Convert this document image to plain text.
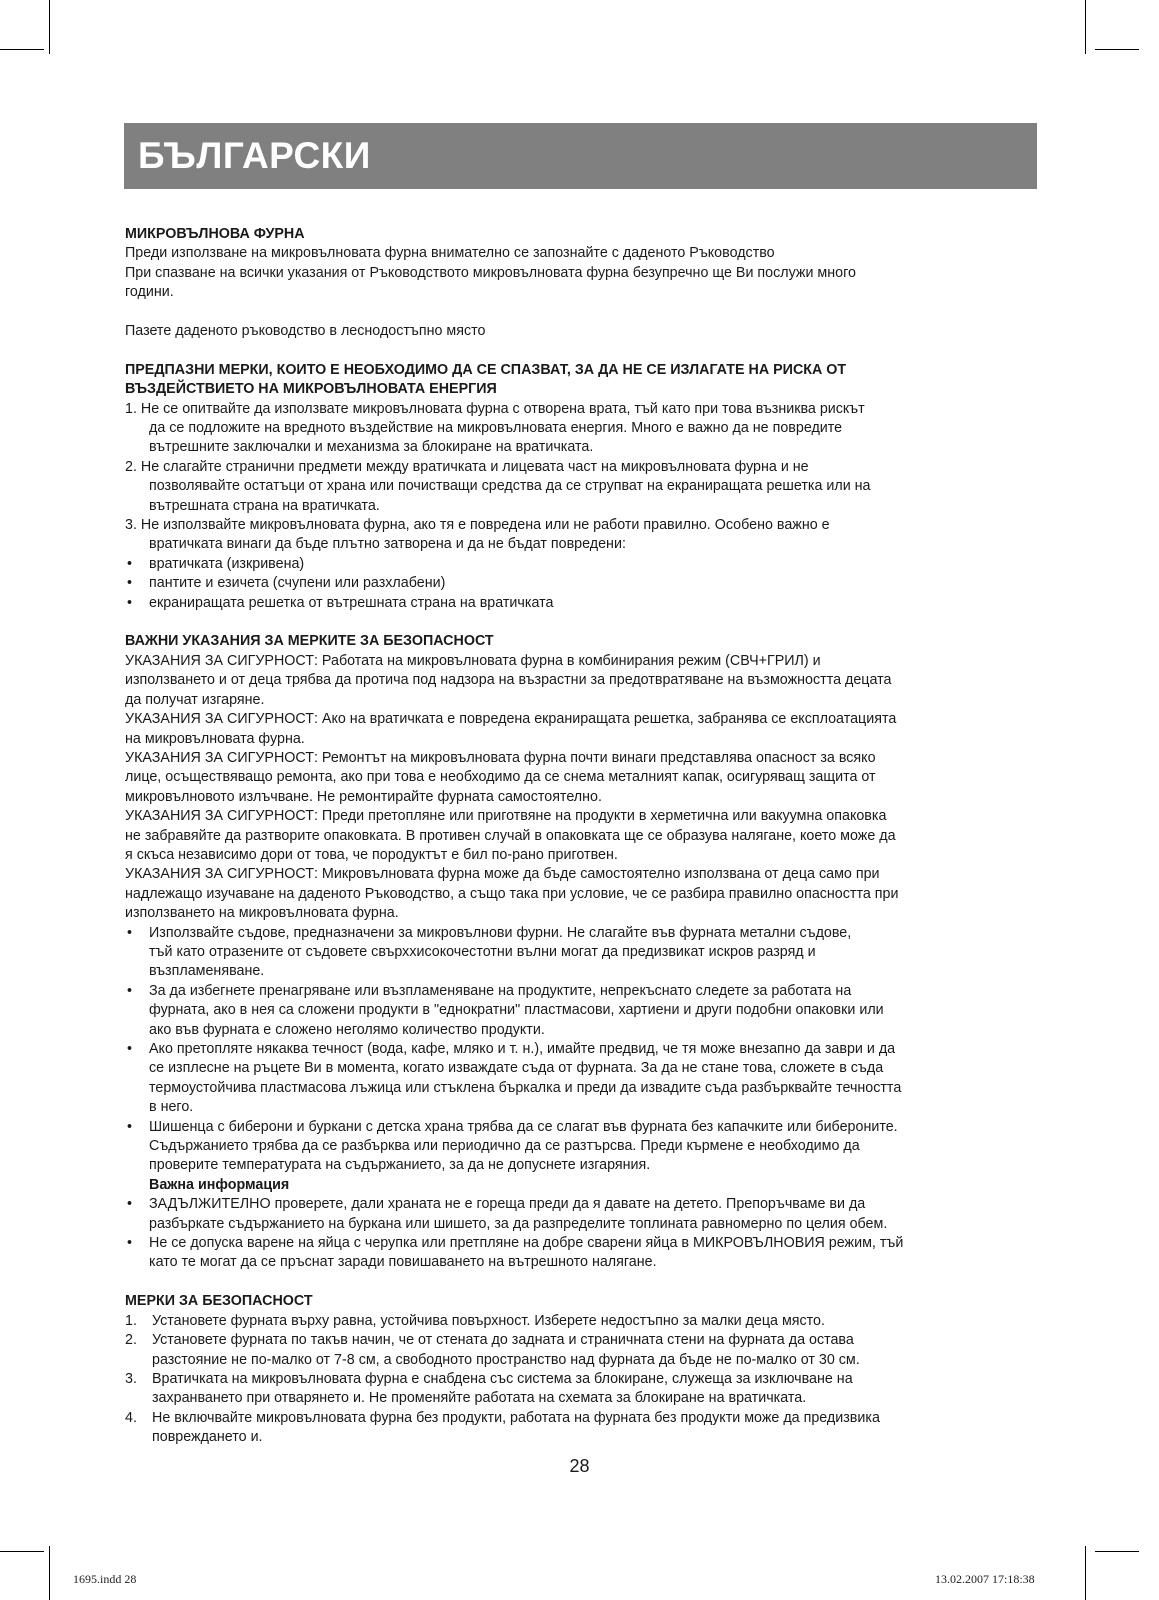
БЪЛГАРСКИ

МИКРОВЪЛНОВА ФУРНА

Преди използване на микровълновата фурна внимателно се запознайте с даденото Ръководство

При спазване на всички указания от Ръководството микровълновата фурна безупречно ще Ви послужи много

години.

Пазете даденото ръководство в леснодостъпно място

ПРЕДПАЗНИ МЕРКИ, КОИТО Е НЕОБХОДИМО ДА СЕ СПАЗВАТ, ЗА ДА НЕ СЕ ИЗЛАГАТЕ НА РИСКА ОТ

ВЪЗДЕЙСТВИЕТО НА МИКРОВЪЛНОВАТА ЕНЕРГИЯ

1. Не се опитвайте да използвате микровълновата фурна с отворена врата, тъй като при това възниква рискът

да се подложите на вредното въздействие на микровълновата енергия. Много е важно да не повредите

вътрешните заключалки и механизма за блокиране на вратичката.

2. Не слагайте странични предмети между вратичката и лицевата част на микровълновата фурна и не

позволявайте остатъци от храна или почистващи средства да се струпват на екраниращата решетка или на

вътрешната страна на вратичката.

3. Не използвайте микровълновата фурна, ако тя е повредена или не работи правилно. Особено важно е

вратичката винаги да бъде плътно затворена и да не бъдат повредени:

• вратичката (изкривена)

• пантите и езичета (счупени или разхлабени)

• екраниращата решетка от вътрешната страна на вратичката

ВАЖНИ УКАЗАНИЯ ЗА МЕРКИТЕ ЗА БЕЗОПАСНОСТ

УКАЗАНИЯ ЗА СИГУРНОСТ: Работата на микровълновата фурна в комбинирания режим (СВЧ+ГРИЛ) и

използването и от деца трябва да протича под надзора на възрастни за предотвратяване на възможността децата

да получат изгаряне.

УКАЗАНИЯ ЗА СИГУРНОСТ: Ако на вратичката е повредена екраниращата решетка, забранява се експлоатацията

на микровълновата фурна.

УКАЗАНИЯ ЗА СИГУРНОСТ: Ремонтът на микровълновата фурна почти винаги представлява опасност за всяко

лице, осъществяващо ремонта, ако при това е необходимо да се снема металният капак, осигуряващ защита от

микровълновото излъчване. Не ремонтирайте фурната самостоятелно.

УКАЗАНИЯ ЗА СИГУРНОСТ: Преди претопляне или приготвяне на продукти в херметична или вакуумна опаковка

не забравяйте да разтворите опаковката. В противен случай в опаковката ще се образува налягане, което може да

я скъса независимо дори от това, че породуктът е бил по-рано приготвен.

УКАЗАНИЯ ЗА СИГУРНОСТ: Микровълновата фурна може да бъде самостоятелно използвана от деца само при

надлежащо изучаване на даденото Ръководство, а също така при условие, че се разбира правилно опасността при

използването на микровълновата фурна.

• Използвайте съдове, предназначени за микровълнови фурни. Не слагайте във фурната метални съдове,

тъй като отразените от съдовете свърххисокочестотни вълни могат да предизвикат искров разряд и

възпламеняване.

• За да избегнете пренагряване или възпламеняване на продуктите, непрекъснато следете за работата на

фурната, ако в нея са сложени продукти в "еднократни" пластмасови, хартиени и други подобни опаковки или

ако във фурната е сложено неголямо количество продукти.

• Ако претопляте някаква течност (вода, кафе, мляко и т. н.), имайте предвид, че тя може внезапно да заври и да

се изплесне на ръцете Ви в момента, когато изваждате съда от фурната. За да не стане това, сложете в съда

термоустойчива пластмасова лъжица или стъклена бъркалка и преди да извадите съда разбърквайте течността

в него.

• Шишенца с биберони и буркани с детска храна трябва да се слагат във фурната без капачките или бибероните.

Съдържанието трябва да се разбърква или периодично да се разтърсва. Преди кърмене е необходимо да

проверите температурата на съдържанието, за да не допуснете изгаряния.

Важна информация

• ЗАДЪЛЖИТЕЛНО проверете, дали храната не е гореща преди да я давате на детето. Препоръчваме ви да

разбъркате съдържанието на буркана или шишето, за да разпределите топлината равномерно по целия обем.

• Не се допуска варене на яйца с черупка или претпляне на добре сварени яйца в МИКРОВЪЛНОВИЯ режим, тъй

като те могат да се пръснат заради повишаването на вътрешното налягане.

МЕРКИ ЗА БЕЗОПАСНОСТ

1. Установете фурната върху равна, устойчива повърхност. Изберете недостъпно за малки деца място.

2. Установете фурната по такъв начин, че от стената до задната и страничната стени на фурната да остава

разстояние не по-малко от 7-8 см, а свободното пространство над фурната да бъде не по-малко от 30 см.

3. Вратичката на микровълновата фурна е снабдена със система за блокиране, служеща за изключване на

захранването при отварянето и. Не променяйте работата на схемата за блокиране на вратичката.

4. Не включвайте микровълновата фурна без продукти, работата на фурната без продукти може да предизвика

повреждането и.

28
1695.indd 28	13.02.2007 17:18:38
